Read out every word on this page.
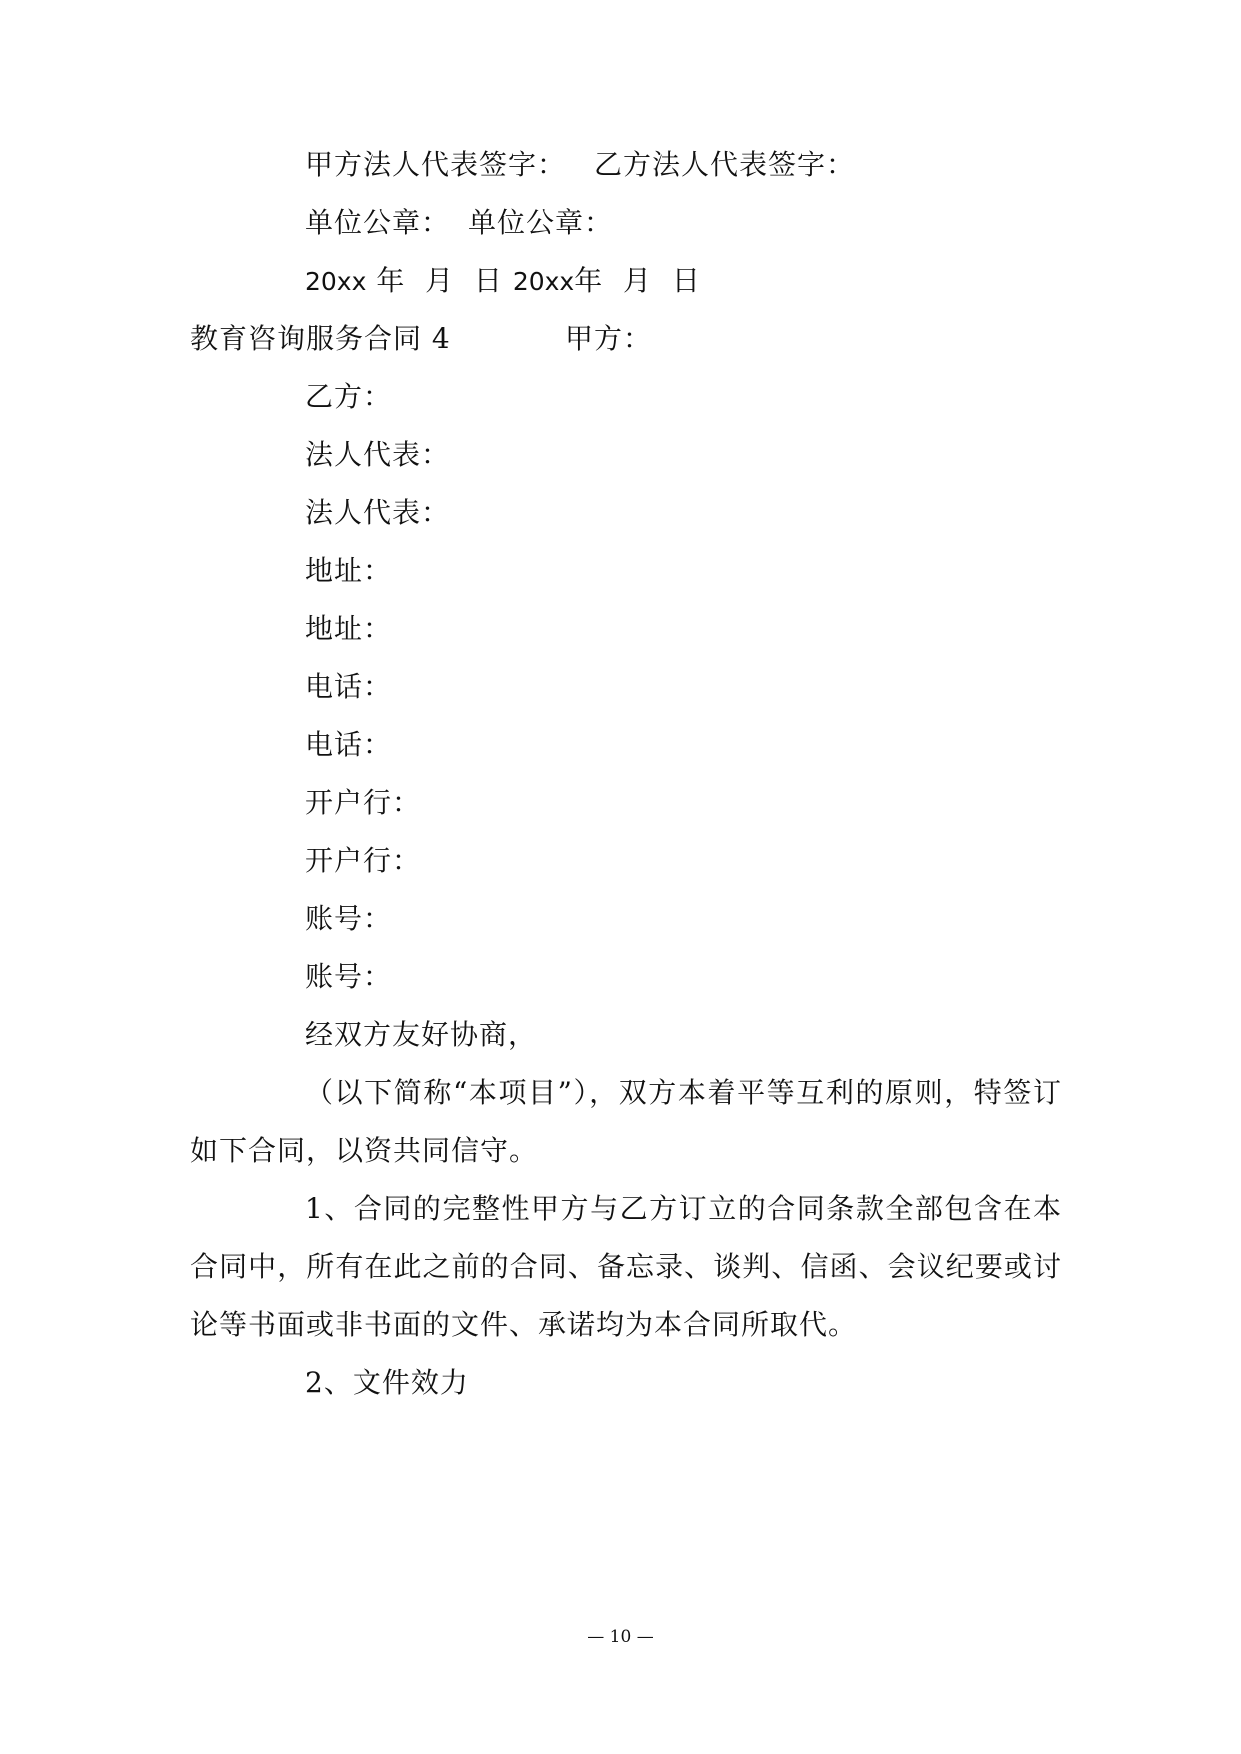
甲方法人代表签字： 乙方法人代表签字：
单位公章： 单位公章：
20xx 年  月  日 20xx年  月  日
教育咨询服务合同 4	甲方：
乙方：
法人代表：
法人代表：
地址：
地址：
电话：
电话：
开户行：
开户行：
账号：
账号：
经双方友好协商，
（以下简称“本项目”），双方本着平等互利的原则，特签订
如下合同，以资共同信守。
1、合同的完整性甲方与乙方订立的合同条款全部包含在本
合同中，所有在此之前的合同、备忘录、谈判、信函、会议纪要或讨
论等书面或非书面的文件、承诺均为本合同所取代。
2、文件效力
— 10 —
